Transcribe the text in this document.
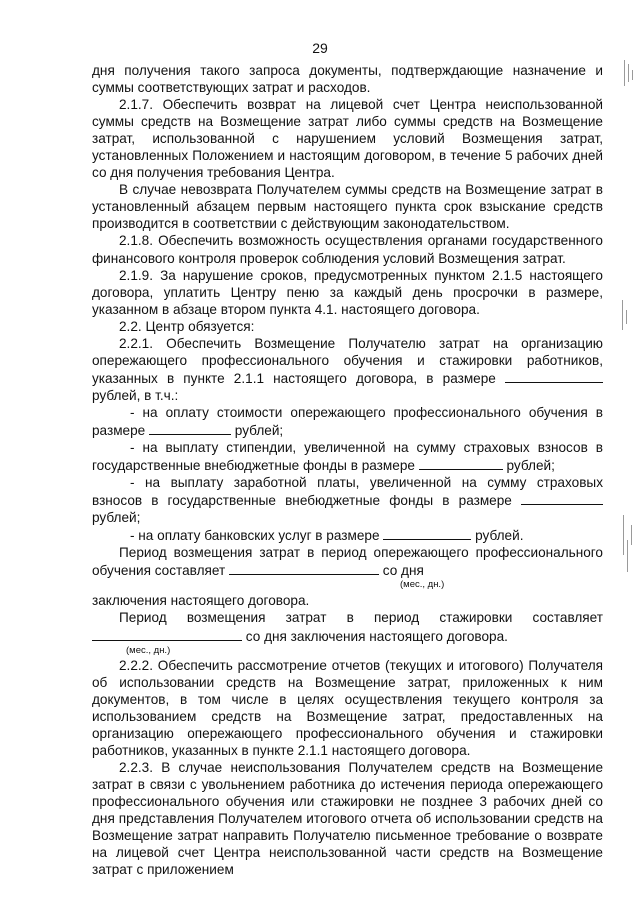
29

дня получения такого запроса документы, подтверждающие назначение и суммы соответствующих затрат и расходов.

2.1.7. Обеспечить возврат на лицевой счет Центра неиспользованной суммы средств на Возмещение затрат либо суммы средств на Возмещение затрат, использованной с нарушением условий Возмещения затрат, установленных Положением и настоящим договором, в течение 5 рабочих дней со дня получения требования Центра.

В случае невозврата Получателем суммы средств на Возмещение затрат в установленный абзацем первым настоящего пункта срок взыскание средств производится в соответствии с действующим законодательством.

2.1.8. Обеспечить возможность осуществления органами государственного финансового контроля проверок соблюдения условий Возмещения затрат.

2.1.9. За нарушение сроков, предусмотренных пунктом 2.1.5 настоящего договора, уплатить Центру пеню за каждый день просрочки в размере, указанном в абзаце втором пункта 4.1. настоящего договора.

2.2. Центр обязуется:

2.2.1. Обеспечить Возмещение Получателю затрат на организацию опережающего профессионального обучения и стажировки работников, указанных в пункте 2.1.1 настоящего договора, в размере  рублей, в т.ч.:

- на оплату стоимости опережающего профессионального обучения в размере	рублей;

- на выплату стипендии, увеличенной на сумму страховых взносов в государственные внебюджетные фонды в размере	рублей;

- на выплату заработной платы, увеличенной на сумму страховых взносов в государственные внебюджетные фонды в размере  рублей;

- на оплату банковских услуг в размере	рублей.

Период возмещения затрат в период опережающего профессионального обучения составляет	со дня

(мес., дн.)

заключения настоящего договора.

Период возмещения затрат в период стажировки составляет  со дня заключения настоящего договора.

(мес., дн.)

2.2.2. Обеспечить рассмотрение отчетов (текущих и итогового) Получателя об использовании средств на Возмещение затрат, приложенных к ним документов, в том числе в целях осуществления текущего контроля за использованием средств на Возмещение затрат, предоставленных на организацию опережающего профессионального обучения и стажировки работников, указанных в пункте 2.1.1 настоящего договора.

2.2.3. В случае неиспользования Получателем средств на Возмещение затрат в связи с увольнением работника до истечения периода опережающего профессионального обучения или стажировки не позднее 3 рабочих дней со дня представления Получателем итогового отчета об использовании средств на Возмещение затрат направить Получателю письменное требование о возврате на лицевой счет Центра неиспользованной части средств на Возмещение затрат с приложением
